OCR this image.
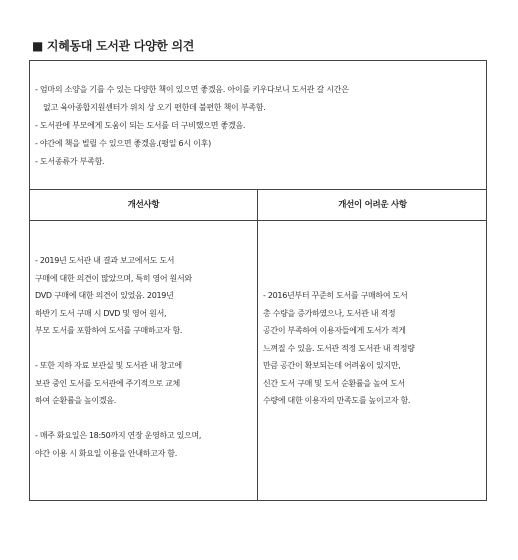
■ 지혜동대 도서관 다양한 의견
- 엄마의 소양을 기를 수 있는 다양한 책이 있으면 좋겠음. 아이를 키우다보니 도서관 갈 시간은
없고 육아종합지원센터가 위치 상 오기 편한데 불편한 책이 부족함.
- 도서관에 부모에게 도움이 되는 도서를 더 구비했으면 좋겠음.
- 야간에 책을 빌릴 수 있으면 좋겠음.(평일 6시 이후)
- 도서종류가 부족함.
개선사항	개선이 어려운 사항

- 2019년 도서관 내 결과 보고에서도 도서

구매에 대한 의견이 많았으며, 특히 영어 원서와

DVD 구매에 대한 의견이 있었음. 2019년

하반기 도서 구매 시 DVD 및 영어 원서,

부모 도서를 포함하여 도서를 구매하고자 함.

- 또한 지하 자료 보관실 및 도서관 내 창고에

보관 중인 도서를 도서관에 주기적으로 교체

하여 순환률을 높이겠음.

- 매주 화요일은 18:50까지 연장 운영하고 있으며,

야간 이용 시 화요일 이용을 안내하고자 함.

- 2016년부터 꾸준히 도서를 구매하여 도서

총 수량을 증가하였으나, 도서관 내 적정

공간이 부족하여 이용자들에게 도서가 적게

느껴질 수 있음. 도서관 적정 도서관 내 적정량

만큼 공간이 확보되는데 어려움이 있지만,

신간 도서 구매 및 도서 순환률을 높여 도서

수량에 대한 이용자의 만족도를 높이고자 함.
